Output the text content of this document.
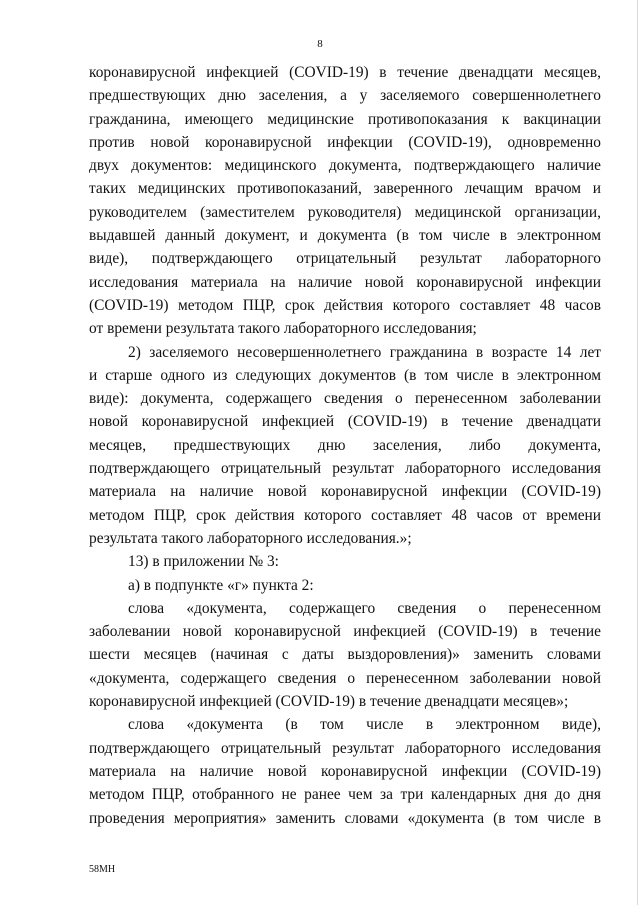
8

коронавирусной инфекцией (COVID-19) в течение двенадцати месяцев,

предшествующих дню заселения, а у заселяемого совершеннолетнего

гражданина, имеющего медицинские противопоказания к вакцинации

против новой коронавирусной инфекции (COVID-19), одновременно

двух документов: медицинского документа, подтверждающего наличие

таких медицинских противопоказаний, заверенного лечащим врачом и

руководителем (заместителем руководителя) медицинской организации,

выдавшей данный документ, и документа (в том числе в электронном

виде), подтверждающего отрицательный результат лабораторного

исследования материала на наличие новой коронавирусной инфекции

(COVID-19) методом ПЦР, срок действия которого составляет 48 часов

от времени результата такого лабораторного исследования;

2) заселяемого несовершеннолетнего гражданина в возрасте 14 лет

и старше одного из следующих документов (в том числе в электронном

виде): документа, содержащего сведения о перенесенном заболевании

новой коронавирусной инфекцией (COVID-19) в течение двенадцати

месяцев, предшествующих дню заселения, либо документа,

подтверждающего отрицательный результат лабораторного исследования

материала на наличие новой коронавирусной инфекции (COVID-19)

методом ПЦР, срок действия которого составляет 48 часов от времени

результата такого лабораторного исследования.»;

13) в приложении № 3:

а) в подпункте «г» пункта 2:

слова «документа, содержащего сведения о перенесенном

заболевании новой коронавирусной инфекцией (COVID-19) в течение

шести месяцев (начиная с даты выздоровления)» заменить словами

«документа, содержащего сведения о перенесенном заболевании новой

коронавирусной инфекцией (COVID-19) в течение двенадцати месяцев»;

слова «документа (в том числе в электронном виде),

подтверждающего отрицательный результат лабораторного исследования

материала на наличие новой коронавирусной инфекции (COVID-19)

методом ПЦР, отобранного не ранее чем за три календарных дня до дня

проведения мероприятия» заменить словами «документа (в том числе в

58МН
